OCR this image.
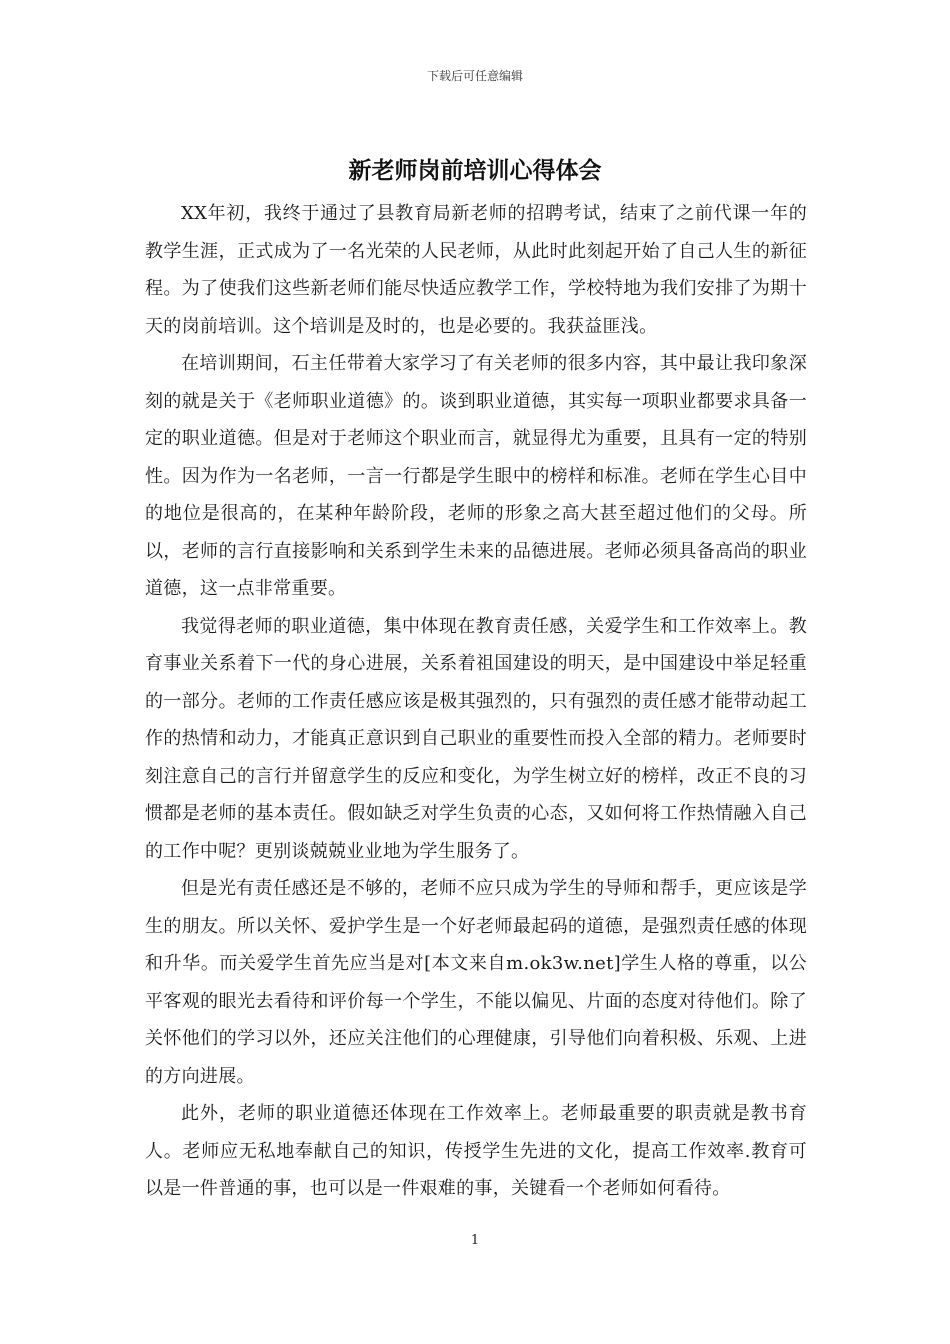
下载后可任意编辑
新老师岗前培训心得体会

XX年初，我终于通过了县教育局新老师的招聘考试，结束了之前代课一年的教学生涯，正式成为了一名光荣的人民老师，从此时此刻起开始了自己人生的新征程。为了使我们这些新老师们能尽快适应教学工作，学校特地为我们安排了为期十天的岗前培训。这个培训是及时的，也是必要的。我获益匪浅。

在培训期间，石主任带着大家学习了有关老师的很多内容，其中最让我印象深刻的就是关于《老师职业道德》的。谈到职业道德，其实每一项职业都要求具备一定的职业道德。但是对于老师这个职业而言，就显得尤为重要，且具有一定的特别性。因为作为一名老师，一言一行都是学生眼中的榜样和标准。老师在学生心目中的地位是很高的，在某种年龄阶段，老师的形象之高大甚至超过他们的父母。所以，老师的言行直接影响和关系到学生未来的品德进展。老师必须具备高尚的职业道德，这一点非常重要。

我觉得老师的职业道德，集中体现在教育责任感，关爱学生和工作效率上。教育事业关系着下一代的身心进展，关系着祖国建设的明天，是中国建设中举足轻重的一部分。老师的工作责任感应该是极其强烈的，只有强烈的责任感才能带动起工作的热情和动力，才能真正意识到自己职业的重要性而投入全部的精力。老师要时刻注意自己的言行并留意学生的反应和变化，为学生树立好的榜样，改正不良的习惯都是老师的基本责任。假如缺乏对学生负责的心态，又如何将工作热情融入自己的工作中呢？更别谈兢兢业业地为学生服务了。

但是光有责任感还是不够的，老师不应只成为学生的导师和帮手，更应该是学生的朋友。所以关怀、爱护学生是一个好老师最起码的道德，是强烈责任感的体现和升华。而关爱学生首先应当是对[本文来自m.ok3w.net]学生人格的尊重，以公平客观的眼光去看待和评价每一个学生，不能以偏见、片面的态度对待他们。除了关怀他们的学习以外，还应关注他们的心理健康，引导他们向着积极、乐观、上进的方向进展。

此外，老师的职业道德还体现在工作效率上。老师最重要的职责就是教书育人。老师应无私地奉献自己的知识，传授学生先进的文化，提高工作效率.教育可以是一件普通的事，也可以是一件艰难的事，关键看一个老师如何看待。

1
